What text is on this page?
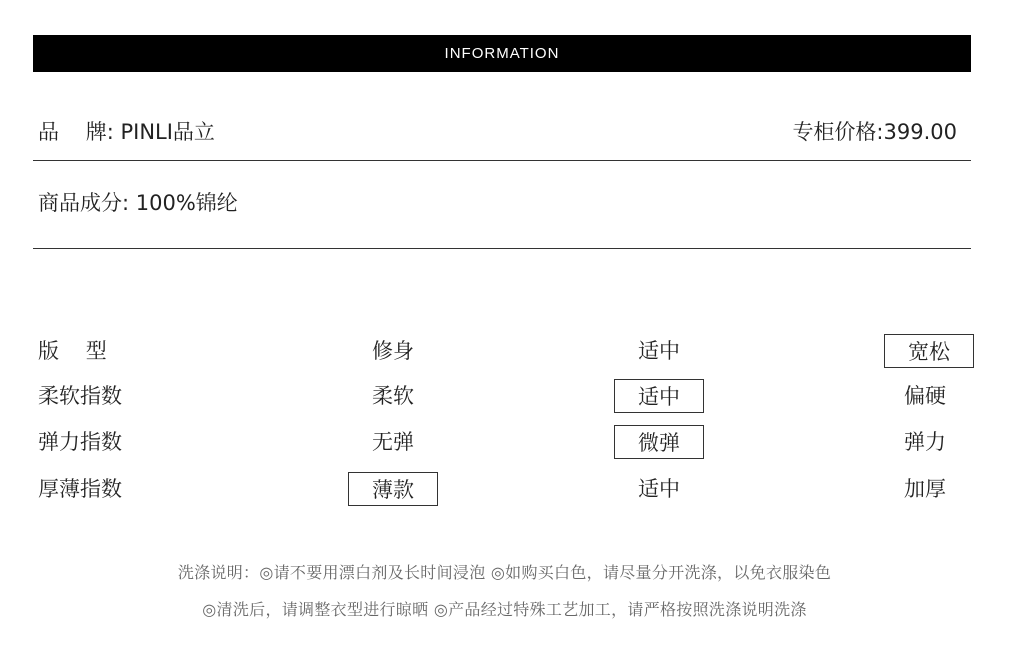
INFORMATION
品    牌: PINLI品立	专柜价格:399.00
商品成分: 100%锦纶
版    型	修身	适中	宽松
柔软指数	柔软	适中	偏硬
弹力指数	无弹	微弹	弹力
厚薄指数	薄款	适中	加厚
洗涤说明：◎请不要用漂白剂及长时间浸泡 ◎如购买白色，请尽量分开洗涤，以免衣服染色
◎清洗后，请调整衣型进行晾晒 ◎产品经过特殊工艺加工，请严格按照洗涤说明洗涤
